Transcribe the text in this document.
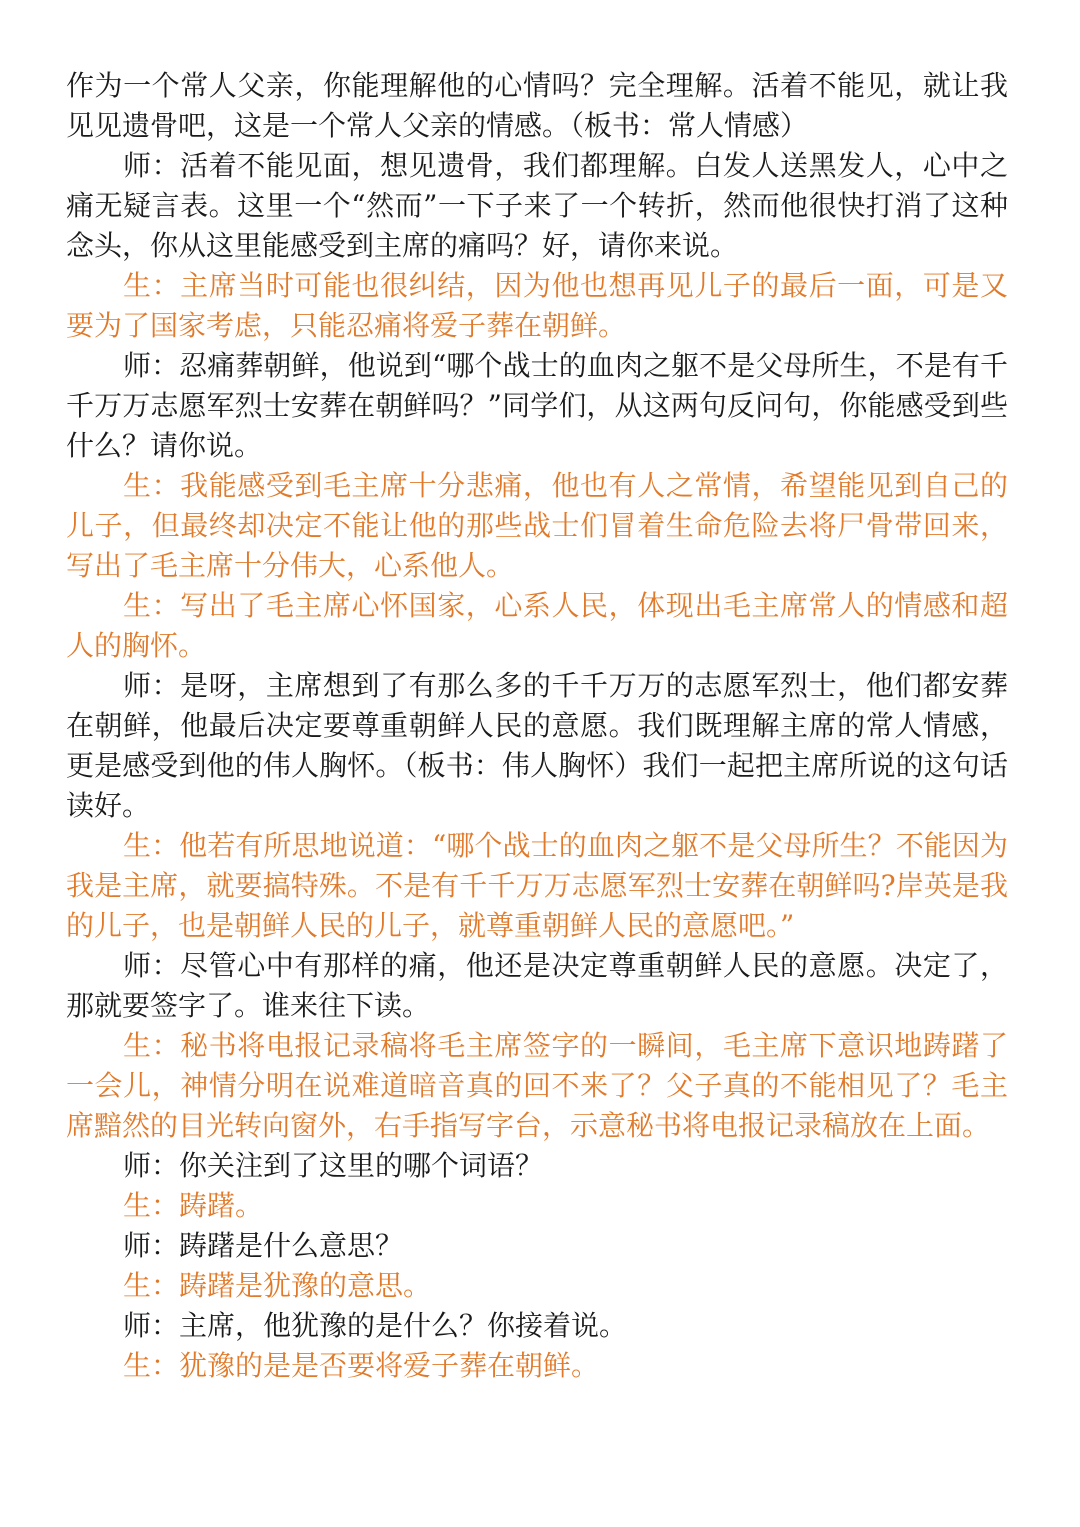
作为一个常人父亲，你能理解他的心情吗？完全理解。活着不能见，就让我见见遗骨吧，这是一个常人父亲的情感。（板书：常人情感）

师：活着不能见面，想见遗骨，我们都理解。白发人送黑发人，心中之痛无疑言表。这里一个“然而”一下子来了一个转折，然而他很快打消了这种念头，你从这里能感受到主席的痛吗？好，请你来说。

生：主席当时可能也很纠结，因为他也想再见儿子的最后一面，可是又要为了国家考虑，只能忍痛将爱子葬在朝鲜。

师：忍痛葬朝鲜，他说到“哪个战士的血肉之躯不是父母所生，不是有千千万万志愿军烈士安葬在朝鲜吗？”同学们，从这两句反问句，你能感受到些什么？请你说。

生：我能感受到毛主席十分悲痛，他也有人之常情，希望能见到自己的儿子，但最终却决定不能让他的那些战士们冒着生命危险去将尸骨带回来，写出了毛主席十分伟大，心系他人。

生：写出了毛主席心怀国家，心系人民，体现出毛主席常人的情感和超人的胸怀。

师：是呀，主席想到了有那么多的千千万万的志愿军烈士，他们都安葬在朝鲜，他最后决定要尊重朝鲜人民的意愿。我们既理解主席的常人情感，更是感受到他的伟人胸怀。（板书：伟人胸怀）我们一起把主席所说的这句话读好。

生：他若有所思地说道：“哪个战士的血肉之躯不是父母所生？不能因为我是主席，就要搞特殊。不是有千千万万志愿军烈士安葬在朝鲜吗?岸英是我的儿子，也是朝鲜人民的儿子，就尊重朝鲜人民的意愿吧。”

师：尽管心中有那样的痛，他还是决定尊重朝鲜人民的意愿。决定了，那就要签字了。谁来往下读。

生：秘书将电报记录稿将毛主席签字的一瞬间，毛主席下意识地踌躇了一会儿，神情分明在说难道暗音真的回不来了？父子真的不能相见了？毛主席黯然的目光转向窗外，右手指写字台，示意秘书将电报记录稿放在上面。

师：你关注到了这里的哪个词语？

生：踌躇。

师：踌躇是什么意思？

生：踌躇是犹豫的意思。

师：主席，他犹豫的是什么？你接着说。

生：犹豫的是是否要将爱子葬在朝鲜。
